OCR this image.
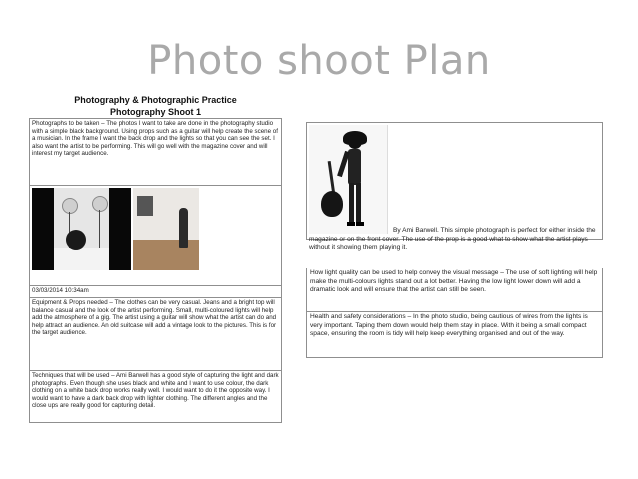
Photo shoot Plan
Photography & Photographic Practice
Photography Shoot 1
Photographs to be taken – The photos I want to take are done in the photography studio with a simple black background. Using props such as a guitar will help create the scene of a musician. In the frame I want the back drop and the lights so that you can see the set. I also want the artist to be performing. This will go well with the magazine cover and will interest my target audience.
03/03/2014 10:34am
Equipment & Props needed – The clothes can be very casual. Jeans and a bright top will balance casual and the look of the artist performing. Small, multi-coloured lights will help add the atmosphere of a gig. The artist using a guitar will show what the artist can do and help attract an audience. An old suitcase will add a vintage look to the pictures. This is for the target audience.
Techniques that will be used – Ami Barwell has a good style of capturing the light and dark photographs. Even though she uses black and white and I want to use colour, the dark clothing on a white back drop works really well. I would want to do it the opposite way. I would want to have a dark back drop with lighter clothing. The different angles and the close ups are really good for capturing detail.
By Ami Barwell. This simple photograph is perfect for either inside the magazine or on the front cover. The use of the prop is a good what to show what the artist plays without it showing them playing it.
How light quality can be used to help convey the visual message – The use of soft lighting will help make the multi-colours lights stand out a lot better. Having the low light lower down will add a dramatic look and will ensure that the artist can still be seen.
Health and safety considerations – In the photo studio, being cautious of wires from the lights is very important. Taping them down would help them stay in place. With it being a small compact space, ensuring the room is tidy will help keep everything organised and out of the way.
